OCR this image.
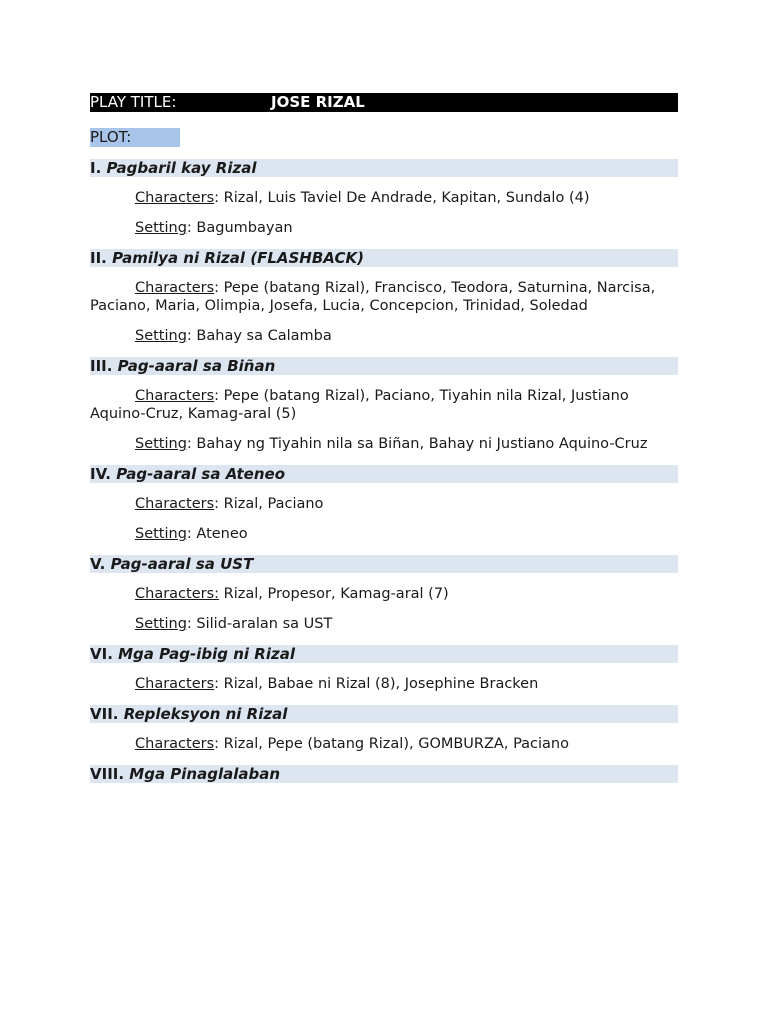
PLAY TITLE:	JOSE RIZAL
PLOT:
I. Pagbaril kay Rizal
Characters: Rizal, Luis Taviel De Andrade, Kapitan, Sundalo (4)
Setting: Bagumbayan
II. Pamilya ni Rizal (FLASHBACK)
Characters: Pepe (batang Rizal), Francisco, Teodora, Saturnina, Narcisa, Paciano, Maria, Olimpia, Josefa, Lucia, Concepcion, Trinidad, Soledad
Setting: Bahay sa Calamba
III. Pag-aaral sa Biñan
Characters: Pepe (batang Rizal), Paciano, Tiyahin nila Rizal, Justiano Aquino-Cruz, Kamag-aral (5)
Setting: Bahay ng Tiyahin nila sa Biñan, Bahay ni Justiano Aquino-Cruz
IV. Pag-aaral sa Ateneo
Characters: Rizal, Paciano
Setting: Ateneo
V. Pag-aaral sa UST
Characters: Rizal, Propesor, Kamag-aral (7)
Setting: Silid-aralan sa UST
VI. Mga Pag-ibig ni Rizal
Characters: Rizal, Babae ni Rizal (8), Josephine Bracken
VII. Repleksyon ni Rizal
Characters: Rizal, Pepe (batang Rizal), GOMBURZA, Paciano
VIII. Mga Pinaglalaban
